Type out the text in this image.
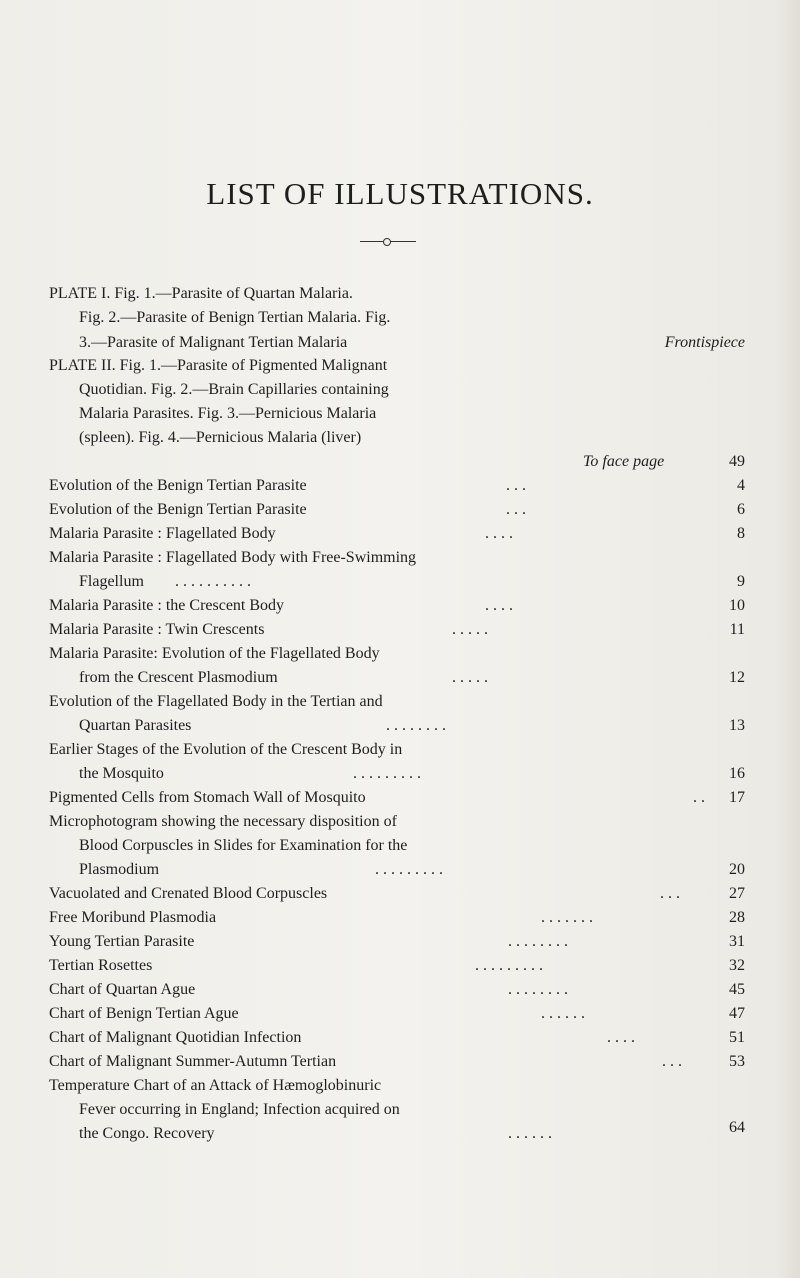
LIST OF ILLUSTRATIONS.
PLATE I. Fig. 1.—Parasite of Quartan Malaria.
Fig. 2.—Parasite of Benign Tertian Malaria. Fig.
3.—Parasite of Malignant Tertian Malaria	Frontispiece
PLATE II. Fig. 1.—Parasite of Pigmented Malignant
Quotidian. Fig. 2.—Brain Capillaries containing
Malaria Parasites. Fig. 3.—Pernicious Malaria
(spleen). Fig. 4.—Pernicious Malaria (liver)
To face page	49
Evolution of the Benign Tertian Parasite	. . .	4
Evolution of the Benign Tertian Parasite	. . .	6
Malaria Parasite : Flagellated Body	. . . .	8
Malaria Parasite : Flagellated Body with Free-Swimming
Flagellum . . . . . . . . . .	9
Malaria Parasite : the Crescent Body	. . . .	10
Malaria Parasite : Twin Crescents	. . . . .	11
Malaria Parasite: Evolution of the Flagellated Body
from the Crescent Plasmodium	. . . . .	12
Evolution of the Flagellated Body in the Tertian and
Quartan Parasites	. . . . . . . .	13
Earlier Stages of the Evolution of the Crescent Body in
the Mosquito	. . . . . . . . .	16
Pigmented Cells from Stomach Wall of Mosquito	. . 17
Microphotogram showing the necessary disposition of
Blood Corpuscles in Slides for Examination for the
Plasmodium	. . . . . . . . .	20
Vacuolated and Crenated Blood Corpuscles	. . .	27
Free Moribund Plasmodia	. . . . . . .	28
Young Tertian Parasite	. . . . . . . .	31
Tertian Rosettes	. . . . . . . . .	32
Chart of Quartan Ague	. . . . . . . .	45
Chart of Benign Tertian Ague	. . . . . .	47
Chart of Malignant Quotidian Infection	. . . .	51
Chart of Malignant Summer-Autumn Tertian	. . .	53
Temperature Chart of an Attack of Hæmoglobinuric
Fever occurring in England; Infection acquired on
the Congo. Recovery	. . . . . .	64
